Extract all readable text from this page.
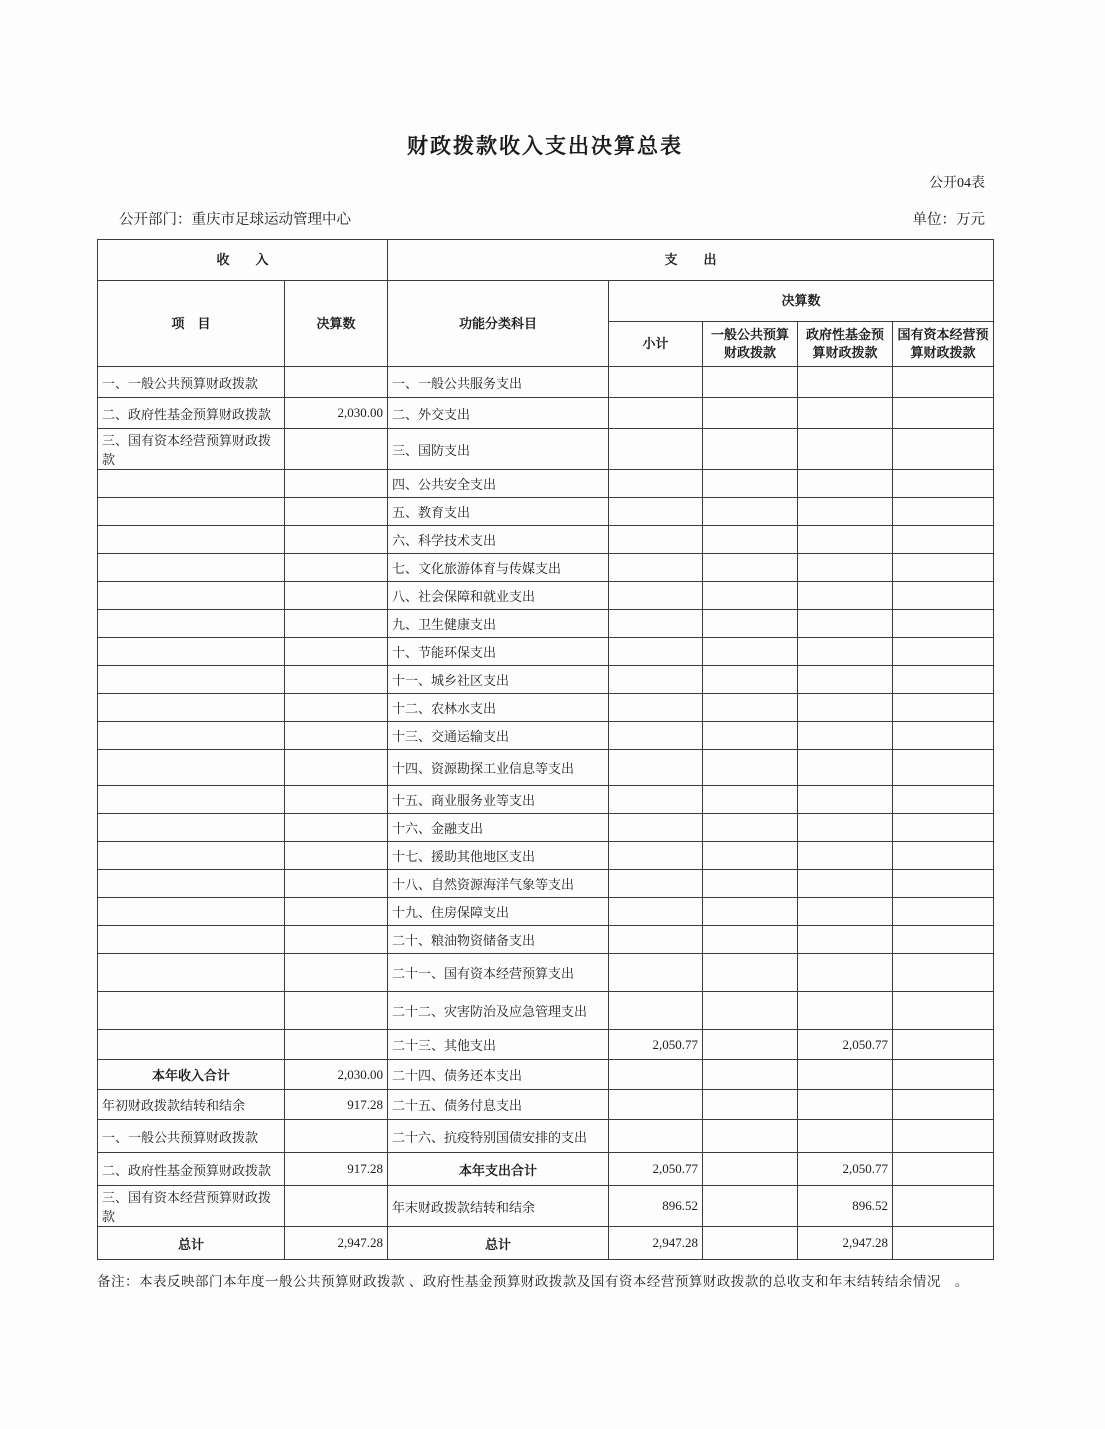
财政拨款收入支出决算总表
公开04表
公开部门：重庆市足球运动管理中心	单位：万元
收　　入		支　　出				
项　目	决算数	功能分类科目	决算数			
			小计	一般公共预算财政拨款	政府性基金预算财政拨款	国有资本经营预算财政拨款
一、一般公共预算财政拨款		一、一般公共服务支出				
二、政府性基金预算财政拨款	2,030.00	二、外交支出				
三、国有资本经营预算财政拨款		三、国防支出				
		四、公共安全支出				
		五、教育支出				
		六、科学技术支出				
		七、文化旅游体育与传媒支出				
		八、社会保障和就业支出				
		九、卫生健康支出				
		十、节能环保支出				
		十一、城乡社区支出				
		十二、农林水支出				
		十三、交通运输支出				
		十四、资源勘探工业信息等支出				
		十五、商业服务业等支出				
		十六、金融支出				
		十七、援助其他地区支出				
		十八、自然资源海洋气象等支出				
		十九、住房保障支出				
		二十、粮油物资储备支出				
		二十一、国有资本经营预算支出				
		二十二、灾害防治及应急管理支出				
		二十三、其他支出	2,050.77		2,050.77	
本年收入合计	2,030.00	二十四、债务还本支出				
年初财政拨款结转和结余	917.28	二十五、债务付息支出				
一、一般公共预算财政拨款		二十六、抗疫特别国债安排的支出				
二、政府性基金预算财政拨款	917.28	本年支出合计	2,050.77		2,050.77	
三、国有资本经营预算财政拨款		年末财政拨款结转和结余	896.52		896.52	
总计	2,947.28	总计	2,947.28		2,947.28	

备注：本表反映部门本年度一般公共预算财政拨款 、政府性基金预算财政拨款及国有资本经营预算财政拨款的总收支和年末结转结余情况　。
